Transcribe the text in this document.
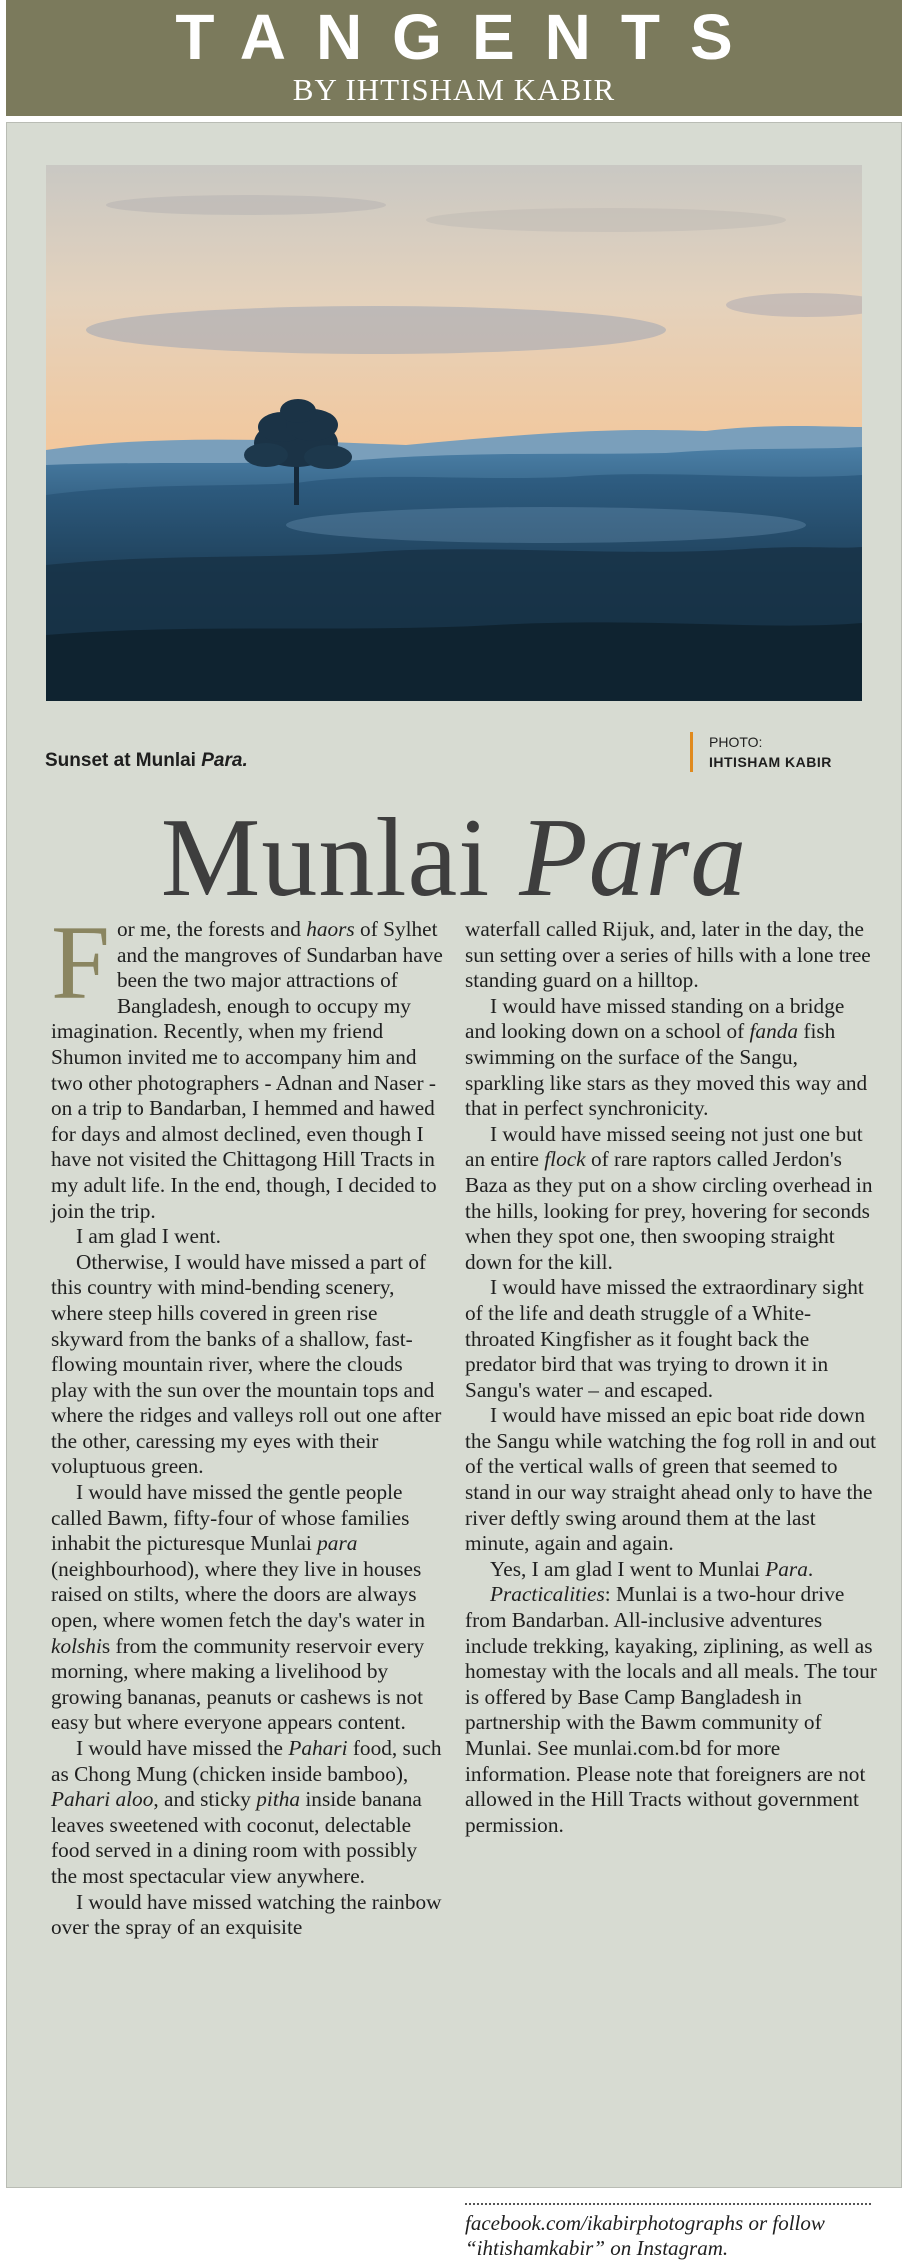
TANGENTS
BY IHTISHAM KABIR
Sunset at Munlai Para.
PHOTO:
IHTISHAM KABIR
Munlai Para

For me, the forests and haors of Sylhet and the mangroves of Sundarban have been the two major attractions of Bangladesh, enough to occupy my imagination. Recently, when my friend Shumon invited me to accompany him and two other photographers - Adnan and Naser - on a trip to Bandarban, I hemmed and hawed for days and almost declined, even though I have not visited the Chittagong Hill Tracts in my adult life. In the end, though, I decided to join the trip.

I am glad I went.

Otherwise, I would have missed a part of this country with mind-bending scenery, where steep hills covered in green rise skyward from the banks of a shallow, fast-flowing mountain river, where the clouds play with the sun over the mountain tops and where the ridges and valleys roll out one after the other, caressing my eyes with their voluptuous green.

I would have missed the gentle people called Bawm, fifty-four of whose families inhabit the picturesque Munlai para (neighbourhood), where they live in houses raised on stilts, where the doors are always open, where women fetch the day's water in kolshis from the community reservoir every morning, where making a livelihood by growing bananas, peanuts or cashews is not easy but where everyone appears content.

I would have missed the Pahari food, such as Chong Mung (chicken inside bamboo), Pahari aloo, and sticky pitha inside banana leaves sweetened with coconut, delectable food served in a dining room with possibly the most spectacular view anywhere.

I would have missed watching the rainbow over the spray of an exquisite

waterfall called Rijuk, and, later in the day, the sun setting over a series of hills with a lone tree standing guard on a hilltop.

I would have missed standing on a bridge and looking down on a school of fanda fish swimming on the surface of the Sangu, sparkling like stars as they moved this way and that in perfect synchronicity.

I would have missed seeing not just one but an entire flock of rare raptors called Jerdon's Baza as they put on a show circling overhead in the hills, looking for prey, hovering for seconds when they spot one, then swooping straight down for the kill.

I would have missed the extraordinary sight of the life and death struggle of a White-throated Kingfisher as it fought back the predator bird that was trying to drown it in Sangu's water – and escaped.

I would have missed an epic boat ride down the Sangu while watching the fog roll in and out of the vertical walls of green that seemed to stand in our way straight ahead only to have the river deftly swing around them at the last minute, again and again.

Yes, I am glad I went to Munlai Para.

Practicalities: Munlai is a two-hour drive from Bandarban. All-inclusive adventures include trekking, kayaking, ziplining, as well as homestay with the locals and all meals. The tour is offered by Base Camp Bangladesh in partnership with the Bawm community of Munlai. See munlai.com.bd for more information. Please note that foreigners are not allowed in the Hill Tracts without government permission.

facebook.com/ikabirphotographs or follow “ihtishamkabir” on Instagram.
